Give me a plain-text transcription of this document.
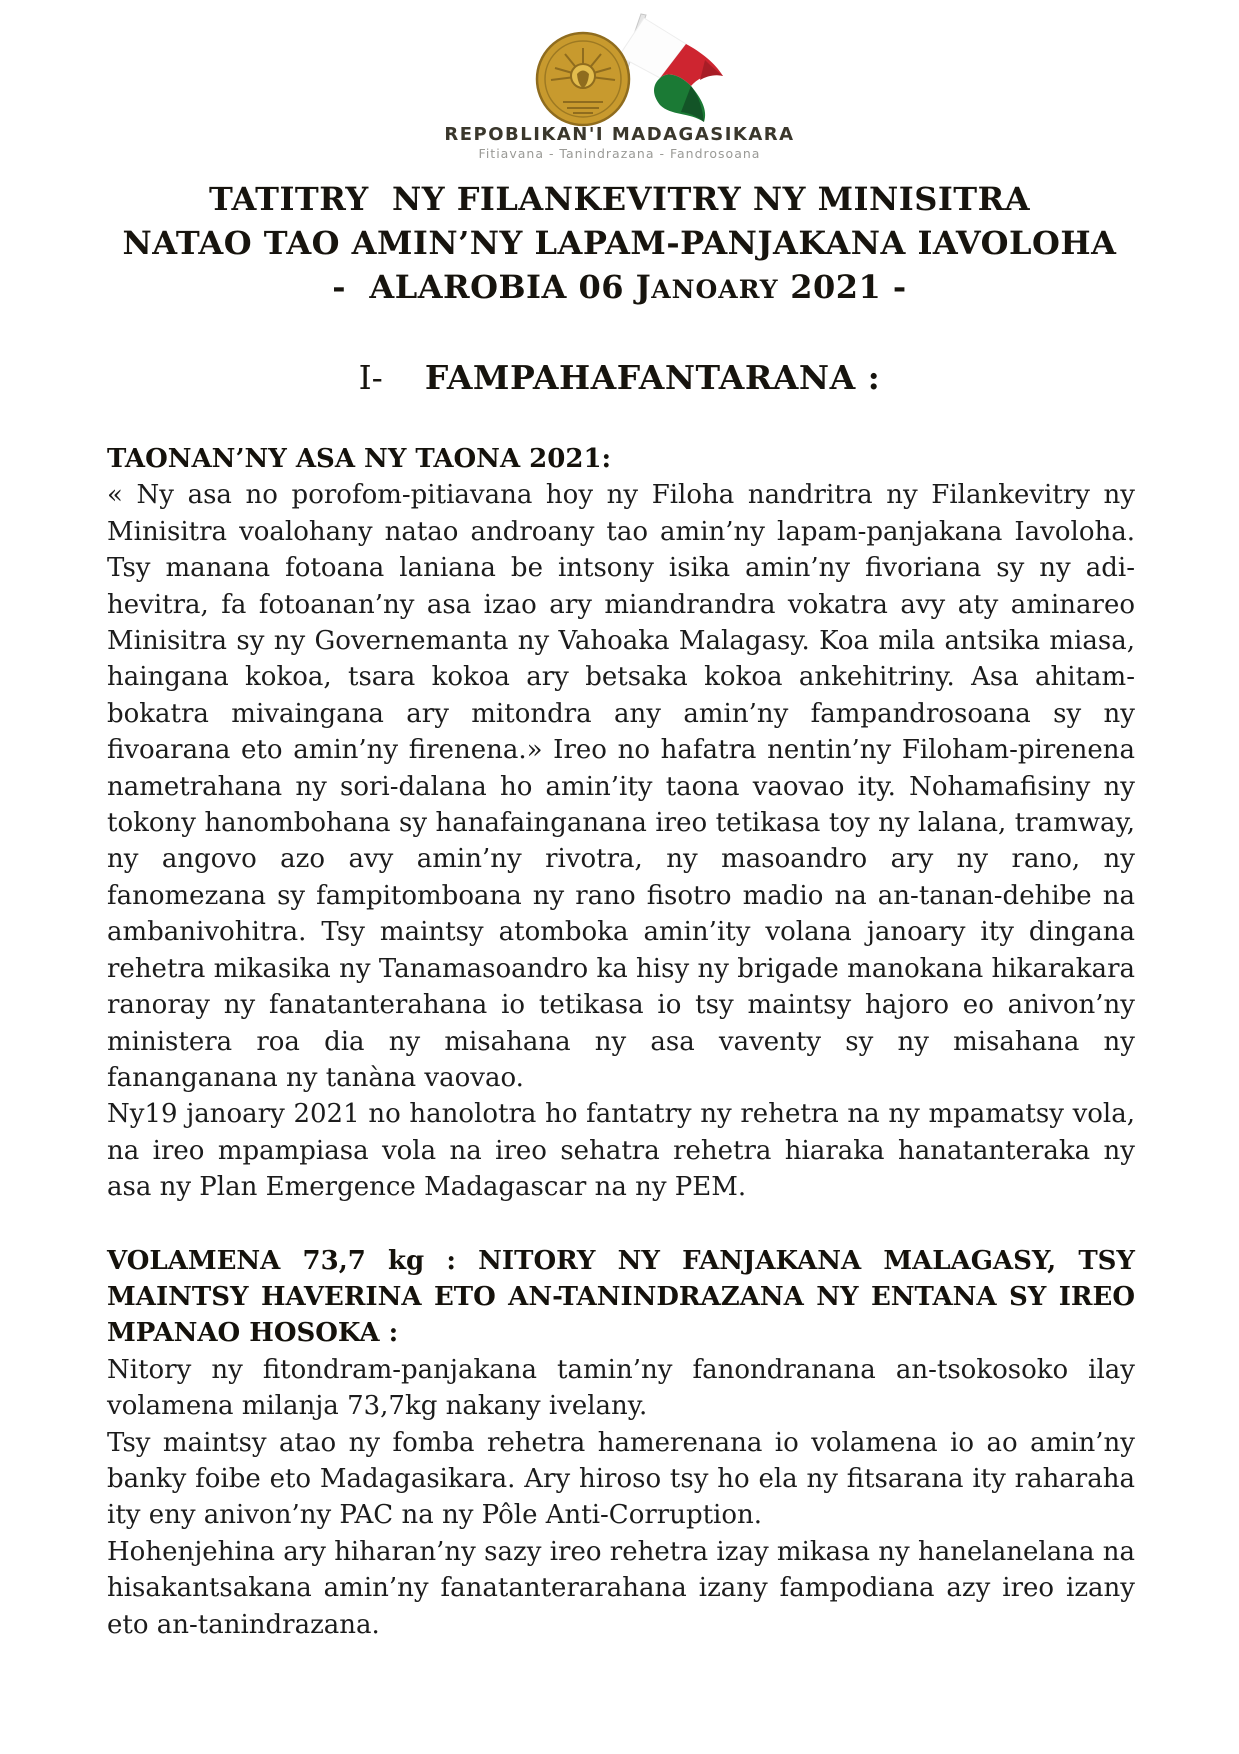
REPOBLIKAN'I MADAGASIKARA
Fitiavana - Tanindrazana - Fandrosoana
TATITRY  NY FILANKEVITRY NY MINISITRA
NATAO TAO AMIN’NY LAPAM-PANJAKANA IAVOLOHA
-  ALAROBIA 06 JANOARY 2021 -
I- FAMPAHAFANTARANA :

TAONAN’NY ASA NY TAONA 2021:

« Ny asa no porofom-pitiavana hoy ny Filoha nandritra ny Filankevitry ny Minisitra voalohany natao androany tao amin’ny lapam-panjakana Iavoloha. Tsy manana fotoana laniana be intsony isika amin’ny fivoriana sy ny adi-hevitra, fa fotoanan’ny asa izao ary miandrandra vokatra avy aty aminareo Minisitra sy ny Governemanta ny Vahoaka Malagasy. Koa mila antsika miasa, haingana kokoa, tsara kokoa ary betsaka kokoa ankehitriny. Asa ahitam-bokatra mivaingana ary mitondra any amin’ny fampandrosoana sy ny fivoarana eto amin’ny firenena.» Ireo no hafatra nentin’ny Filoham-pirenena nametrahana ny sori-dalana ho amin’ity taona vaovao ity. Nohamafisiny ny tokony hanombohana sy hanafainganana ireo tetikasa toy ny lalana, tramway, ny angovo azo avy amin’ny rivotra, ny masoandro ary ny rano, ny fanomezana sy fampitomboana ny rano fisotro madio na an-tanan-dehibe na ambanivohitra. Tsy maintsy atomboka amin’ity volana janoary ity dingana rehetra mikasika ny Tanamasoandro ka hisy ny brigade manokana hikarakara ranoray ny fanatanterahana io tetikasa io tsy maintsy hajoro eo anivon’ny ministera roa dia ny misahana ny asa vaventy sy ny misahana ny fananganana ny tanàna vaovao.

Ny19 janoary 2021 no hanolotra ho fantatry ny rehetra na ny mpamatsy vola, na ireo mpampiasa vola na ireo sehatra rehetra hiaraka hanatanteraka ny asa ny Plan Emergence Madagascar na ny PEM.

VOLAMENA 73,7 kg : NITORY NY FANJAKANA MALAGASY, TSY MAINTSY HAVERINA ETO AN-TANINDRAZANA NY ENTANA SY IREO MPANAO HOSOKA :

Nitory ny fitondram-panjakana tamin’ny fanondranana an-tsokosoko ilay volamena milanja 73,7kg nakany ivelany.

Tsy maintsy atao ny fomba rehetra hamerenana io volamena io ao amin’ny banky foibe eto Madagasikara. Ary hiroso tsy ho ela ny fitsarana ity raharaha ity eny anivon’ny PAC na ny Pôle Anti-Corruption.

Hohenjehina ary hiharan’ny sazy ireo rehetra izay mikasa ny hanelanelana na hisakantsakana amin’ny fanatanterarahana izany fampodiana azy ireo izany eto an-tanindrazana.
